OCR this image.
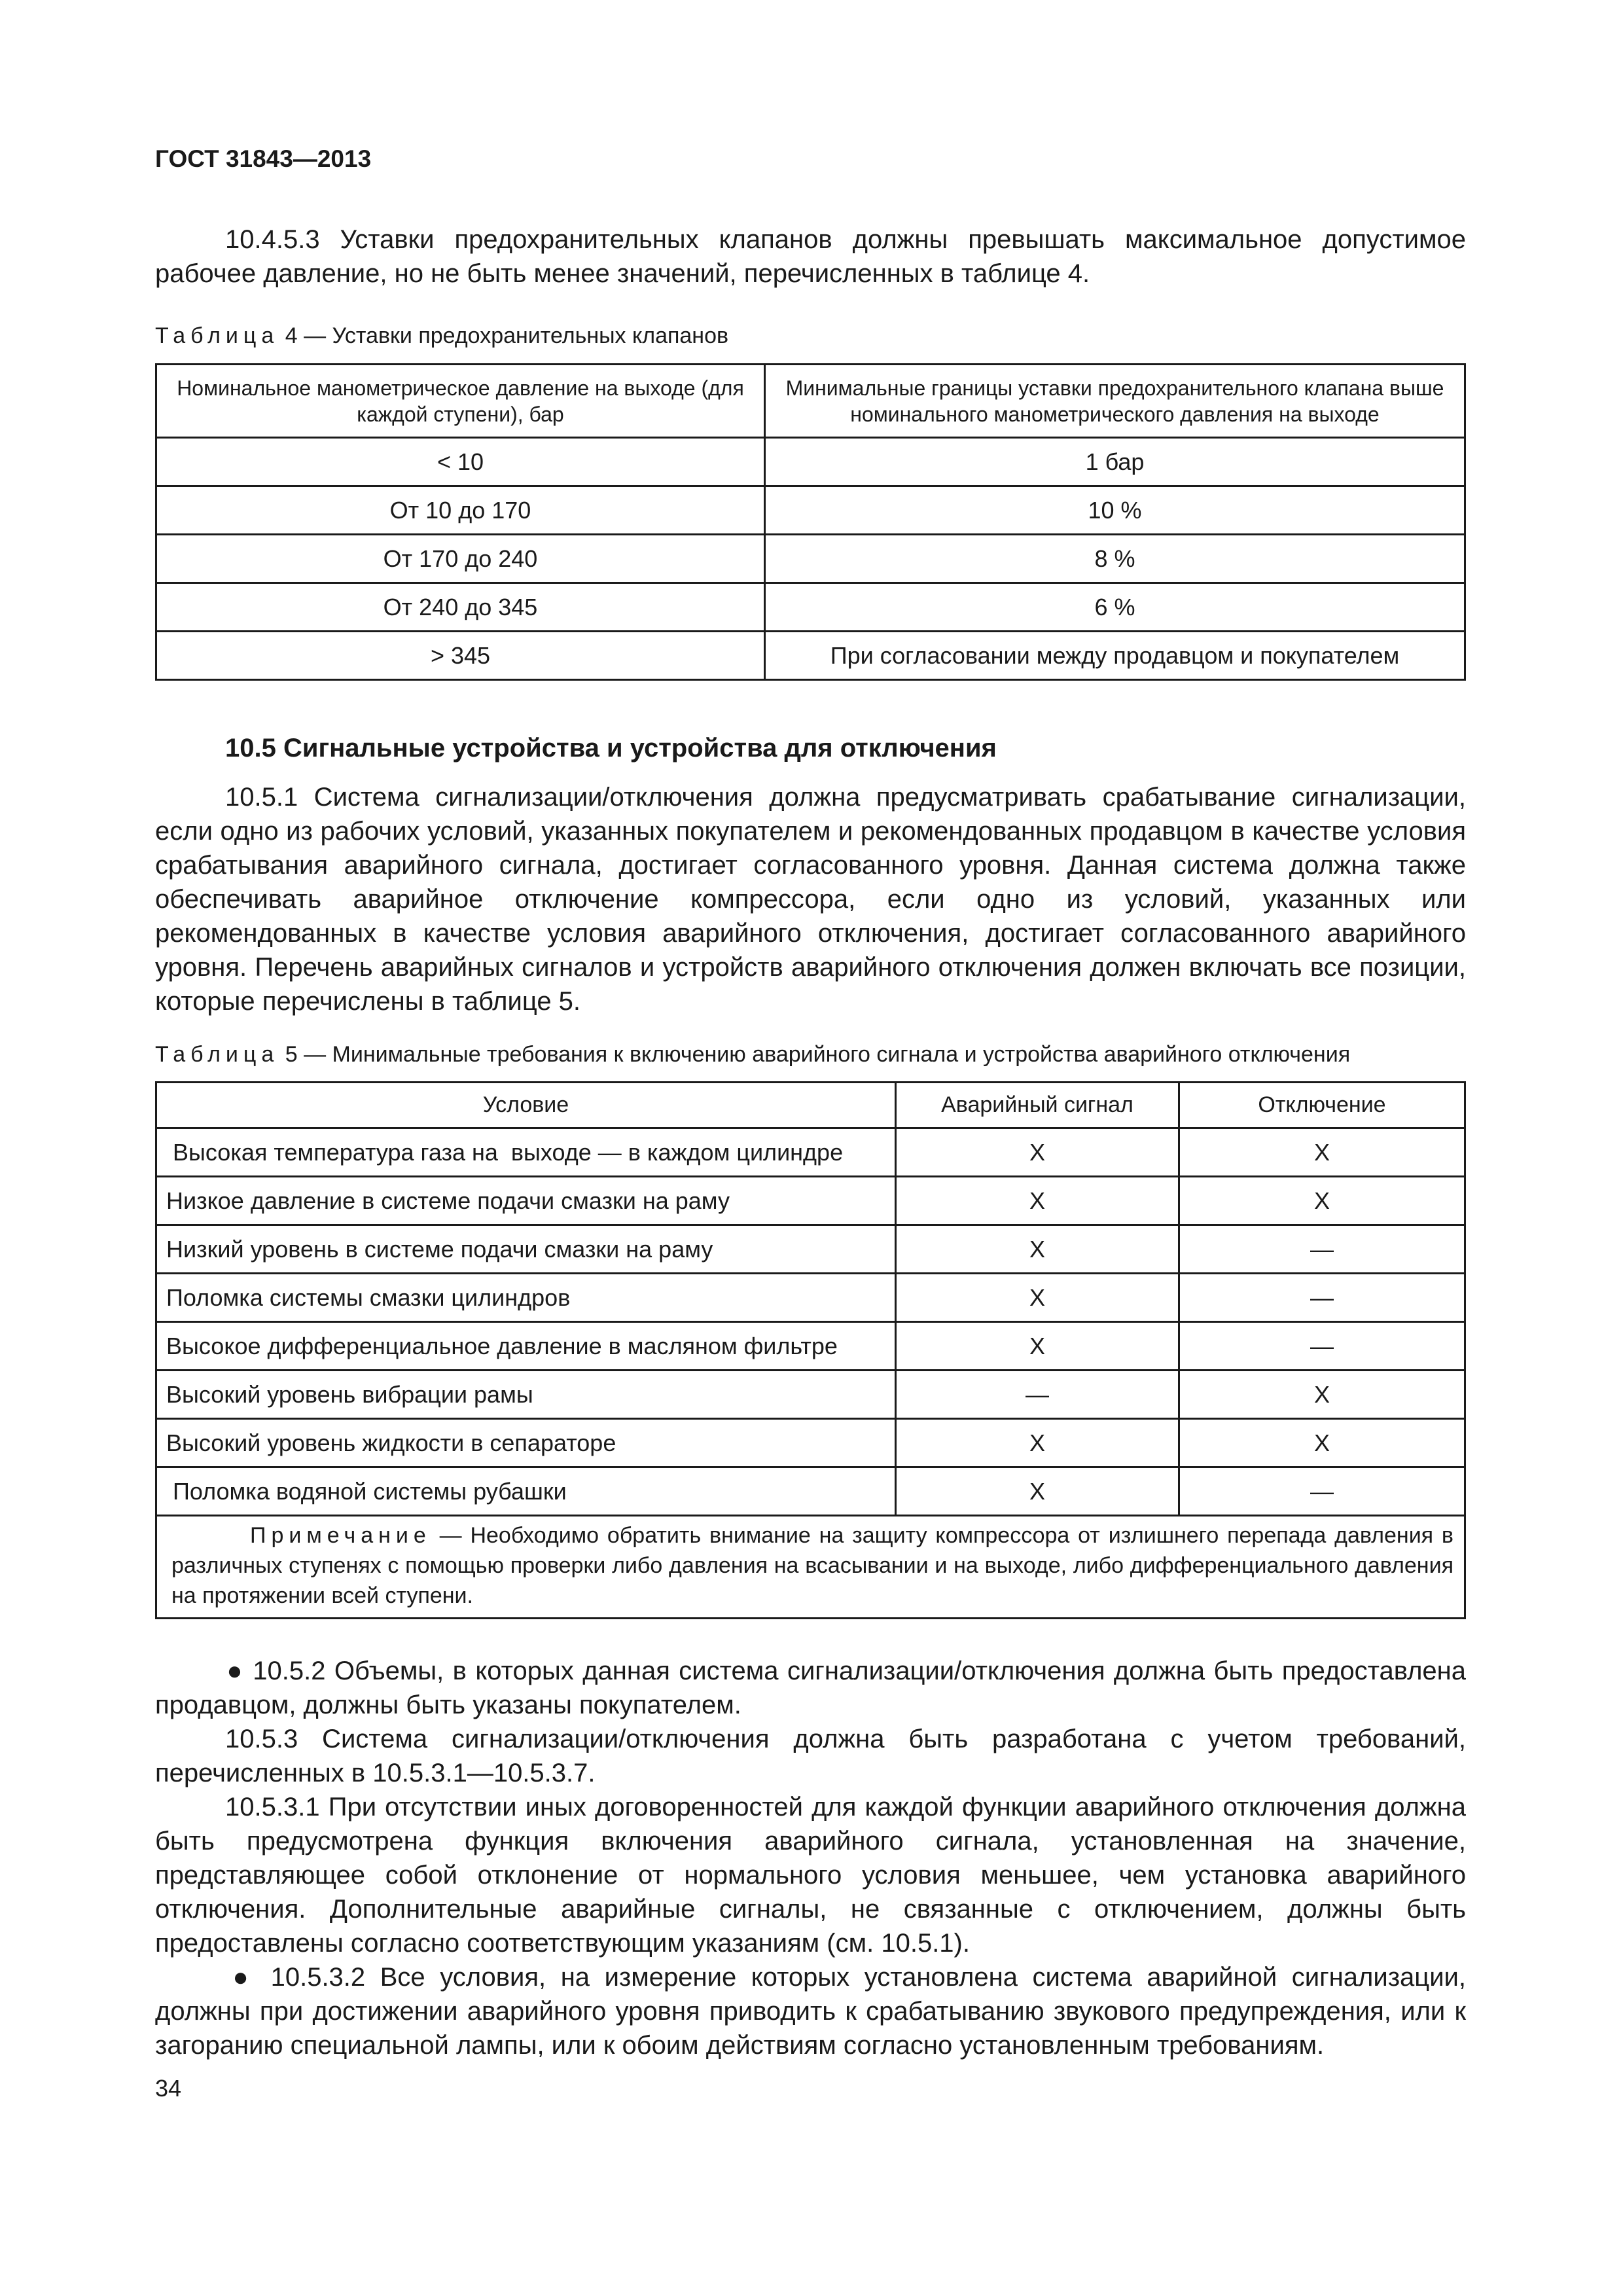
ГОСТ 31843—2013

10.4.5.3 Уставки предохранительных клапанов должны превышать максимальное допустимое рабочее давление, но не быть менее значений, перечисленных в таблице 4.

Таблица 4 — Уставки предохранительных клапанов
Номинальное манометрическое давление на выходе (для каждой ступени), бар	Минимальные границы уставки предохранительного клапана выше номинального манометрического давления на выходе
< 10	1 бар
От 10 до 170	10 %
От 170 до 240	8 %
От 240 до 345	6 %
> 345	При согласовании между продавцом и покупателем
10.5 Сигнальные устройства и устройства для отключения

10.5.1 Система сигнализации/отключения должна предусматривать срабатывание сигнализации, если одно из рабочих условий, указанных покупателем и рекомендованных продавцом в качестве условия срабатывания аварийного сигнала, достигает согласованного уровня. Данная система должна также обеспечивать аварийное отключение компрессора, если одно из условий, указанных или рекомендованных в качестве условия аварийного отключения, достигает согласованного аварийного уровня. Перечень аварийных сигналов и устройств аварийного отключения должен включать все позиции, которые перечислены в таблице 5.

Таблица 5 — Минимальные требования к включению аварийного сигнала и устройства аварийного отключения
Условие	Аварийный сигнал	Отключение
Высокая температура газа на  выходе — в каждом цилиндре	X	X
Низкое давление в системе подачи смазки на раму	X	X
Низкий уровень в системе подачи смазки на раму	X	—
Поломка системы смазки цилиндров	X	—
Высокое дифференциальное давление в масляном фильтре	X	—
Высокий уровень вибрации рамы	—	X
Высокий уровень жидкости в сепараторе	X	X
Поломка водяной системы рубашки	X	—
Примечание — Необходимо обратить внимание на защиту компрессора от излишнего перепада давления в различных ступенях с помощью проверки либо давления на всасывании и на выходе, либо дифференциального давления на протяжении всей ступени.		

● 10.5.2 Объемы, в которых данная система сигнализации/отключения должна быть предоставлена продавцом, должны быть указаны покупателем.

10.5.3 Система сигнализации/отключения должна быть разработана с учетом требований, перечисленных в 10.5.3.1—10.5.3.7.

10.5.3.1 При отсутствии иных договоренностей для каждой функции аварийного отключения должна быть предусмотрена функция включения аварийного сигнала, установленная на значение, представляющее собой отклонение от нормального условия меньшее, чем установка аварийного отключения. Дополнительные аварийные сигналы, не связанные с отключением, должны быть предоставлены согласно соответствующим указаниям (см. 10.5.1).

● 10.5.3.2 Все условия, на измерение которых установлена система аварийной сигнализации, должны при достижении аварийного уровня приводить к срабатыванию звукового предупреждения, или к загоранию специальной лампы, или к обоим действиям согласно установленным требованиям.

34
